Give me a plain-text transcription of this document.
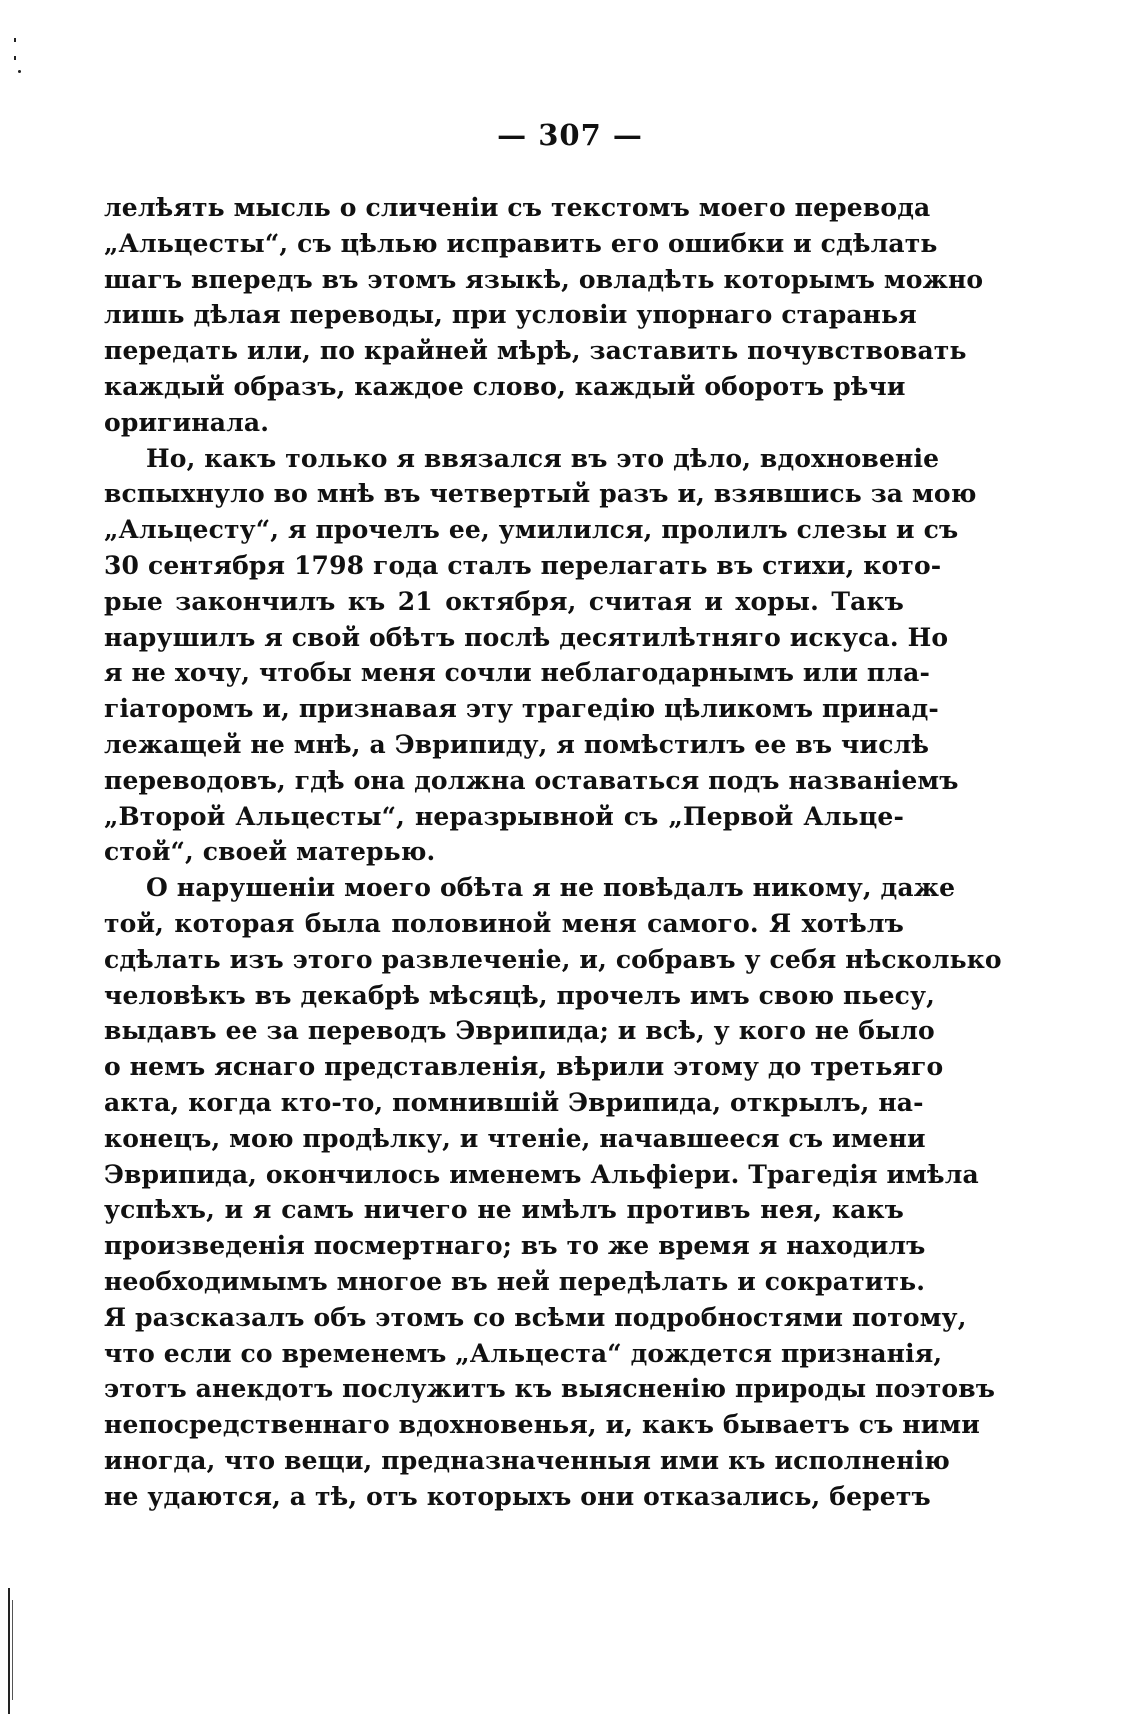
— 307 —
лелѣять мысль о сличеніи съ текстомъ моего перевода
„Альцесты“, съ цѣлью исправить его ошибки и сдѣлать
шагъ впередъ въ этомъ языкѣ, овладѣть которымъ можно
лишь дѣлая переводы, при условіи упорнаго старанья
передать или, по крайней мѣрѣ, заставить почувствовать
каждый образъ, каждое слово, каждый оборотъ рѣчи
оригинала.
Но, какъ только я ввязался въ это дѣло, вдохновеніе
вспыхнуло во мнѣ въ четвертый разъ и, взявшись за мою
„Альцесту“, я прочелъ ее, умилился, пролилъ слезы и съ
30 сентября 1798 года сталъ перелагать въ стихи, кото-
рые закончилъ къ 21 октября, считая и хоры. Такъ
нарушилъ я свой обѣтъ послѣ десятилѣтняго искуса. Но
я не хочу, чтобы меня сочли неблагодарнымъ или пла-
гіаторомъ и, признавая эту трагедію цѣликомъ принад-
лежащей не мнѣ, а Эврипиду, я помѣстилъ ее въ числѣ
переводовъ, гдѣ она должна оставаться подъ названіемъ
„Второй Альцесты“, неразрывной съ „Первой Альце-
стой“, своей матерью.
О нарушеніи моего обѣта я не повѣдалъ никому, даже
той, которая была половиной меня самого. Я хотѣлъ
сдѣлать изъ этого развлеченіе, и, собравъ у себя нѣсколько
человѣкъ въ декабрѣ мѣсяцѣ, прочелъ имъ свою пьесу,
выдавъ ее за переводъ Эврипида; и всѣ, у кого не было
о немъ яснаго представленія, вѣрили этому до третьяго
акта, когда кто-то, помнившій Эврипида, открылъ, на-
конецъ, мою продѣлку, и чтеніе, начавшееся съ имени
Эврипида, окончилось именемъ Альфіери. Трагедія имѣла
успѣхъ, и я самъ ничего не имѣлъ противъ нея, какъ
произведенія посмертнаго; въ то же время я находилъ
необходимымъ многое въ ней передѣлать и сократить.
Я разсказалъ объ этомъ со всѣми подробностями потому,
что если со временемъ „Альцеста“ дождется признанія,
этотъ анекдотъ послужитъ къ выясненію природы поэтовъ
непосредственнаго вдохновенья, и, какъ бываетъ съ ними
иногда, что вещи, предназначенныя ими къ исполненію
не удаются, а тѣ, отъ которыхъ они отказались, беретъ
